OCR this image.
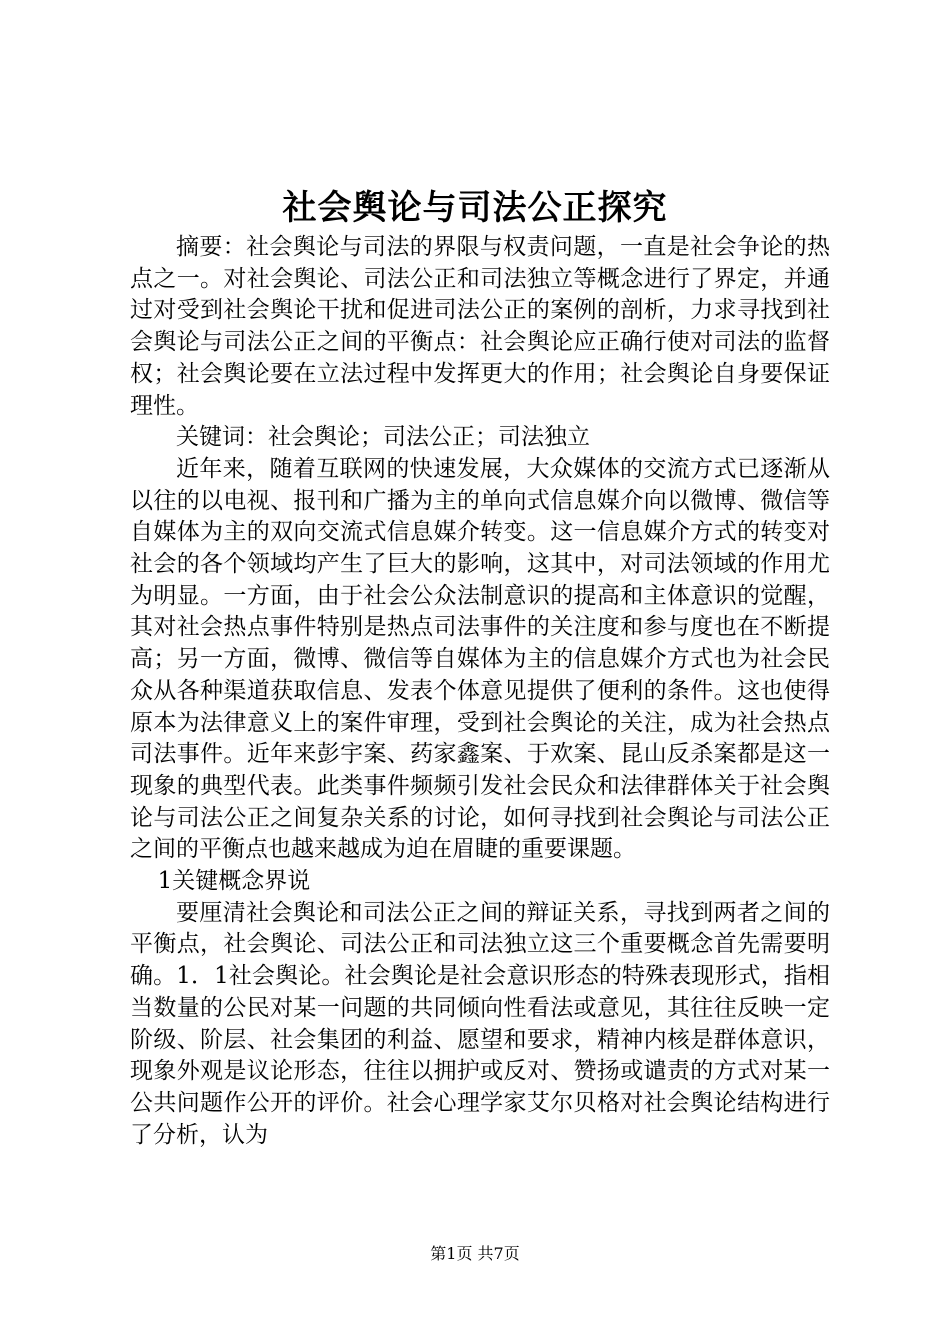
社会舆论与司法公正探究

摘要：社会舆论与司法的界限与权责问题，一直是社会争论的热点之一。对社会舆论、司法公正和司法独立等概念进行了界定，并通过对受到社会舆论干扰和促进司法公正的案例的剖析，力求寻找到社会舆论与司法公正之间的平衡点：社会舆论应正确行使对司法的监督权；社会舆论要在立法过程中发挥更大的作用；社会舆论自身要保证理性。

关键词：社会舆论；司法公正；司法独立

近年来，随着互联网的快速发展，大众媒体的交流方式已逐渐从以往的以电视、报刊和广播为主的单向式信息媒介向以微博、微信等自媒体为主的双向交流式信息媒介转变。这一信息媒介方式的转变对社会的各个领域均产生了巨大的影响，这其中，对司法领域的作用尤为明显。一方面，由于社会公众法制意识的提高和主体意识的觉醒，其对社会热点事件特别是热点司法事件的关注度和参与度也在不断提高；另一方面，微博、微信等自媒体为主的信息媒介方式也为社会民众从各种渠道获取信息、发表个体意见提供了便利的条件。这也使得原本为法律意义上的案件审理，受到社会舆论的关注，成为社会热点司法事件。近年来彭宇案、药家鑫案、于欢案、昆山反杀案都是这一现象的典型代表。此类事件频频引发社会民众和法律群体关于社会舆论与司法公正之间复杂关系的讨论，如何寻找到社会舆论与司法公正之间的平衡点也越来越成为迫在眉睫的重要课题。

1关键概念界说

要厘清社会舆论和司法公正之间的辩证关系，寻找到两者之间的平衡点，社会舆论、司法公正和司法独立这三个重要概念首先需要明确。1．1社会舆论。社会舆论是社会意识形态的特殊表现形式，指相当数量的公民对某一问题的共同倾向性看法或意见，其往往反映一定阶级、阶层、社会集团的利益、愿望和要求，精神内核是群体意识，现象外观是议论形态，往往以拥护或反对、赞扬或谴责的方式对某一公共问题作公开的评价。社会心理学家艾尔贝格对社会舆论结构进行了分析，认为

第1页 共7页
